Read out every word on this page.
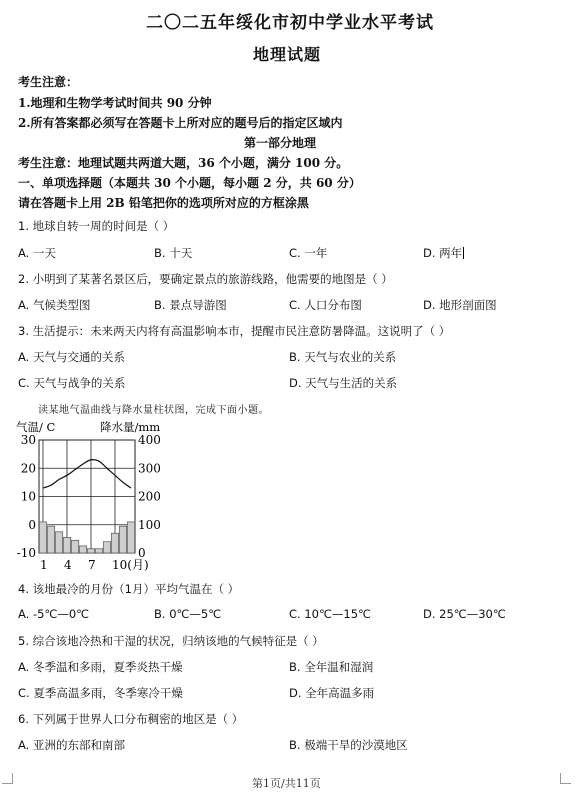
二〇二五年绥化市初中学业水平考试
地理试题
考生注意：
1.地理和生物学考试时间共 90 分钟
2.所有答案都必须写在答题卡上所对应的题号后的指定区域内
第一部分地理
考生注意：地理试题共两道大题，36 个小题，满分 100 分。
一、单项选择题（本题共 30 个小题，每小题 2 分，共 60 分）
请在答题卡上用 2B 铅笔把你的选项所对应的方框涂黑
1. 地球自转一周的时间是（ ）
A. 一天	B. 十天	C. 一年	D. 两年
2. 小明到了某著名景区后，要确定景点的旅游线路，他需要的地图是（ ）
A. 气候类型图	B. 景点导游图	C. 人口分布图	D. 地形剖面图
3. 生活提示：未来两天内将有高温影响本市，提醒市民注意防暑降温。这说明了（ ）
A. 天气与交通的关系	B. 天气与农业的关系
C. 天气与战争的关系	D. 天气与生活的关系
读某地气温曲线与降水量柱状图，完成下面小题。
气温/ C	降水量/mm
30
20
10
0
-10
400
300
200
100
0
1 4 7 10(月)
4. 该地最冷的月份（1月）平均气温在（ ）
A. -5℃—0℃	B. 0℃—5℃	C. 10℃—15℃	D. 25℃—30℃
5. 综合该地冷热和干湿的状况，归纳该地的气候特征是（ ）
A. 冬季温和多雨，夏季炎热干燥	B. 全年温和湿润
C. 夏季高温多雨，冬季寒冷干燥	D. 全年高温多雨
6. 下列属于世界人口分布稠密的地区是（ ）
A. 亚洲的东部和南部	B. 极端干旱的沙漠地区
第1页/共11页
